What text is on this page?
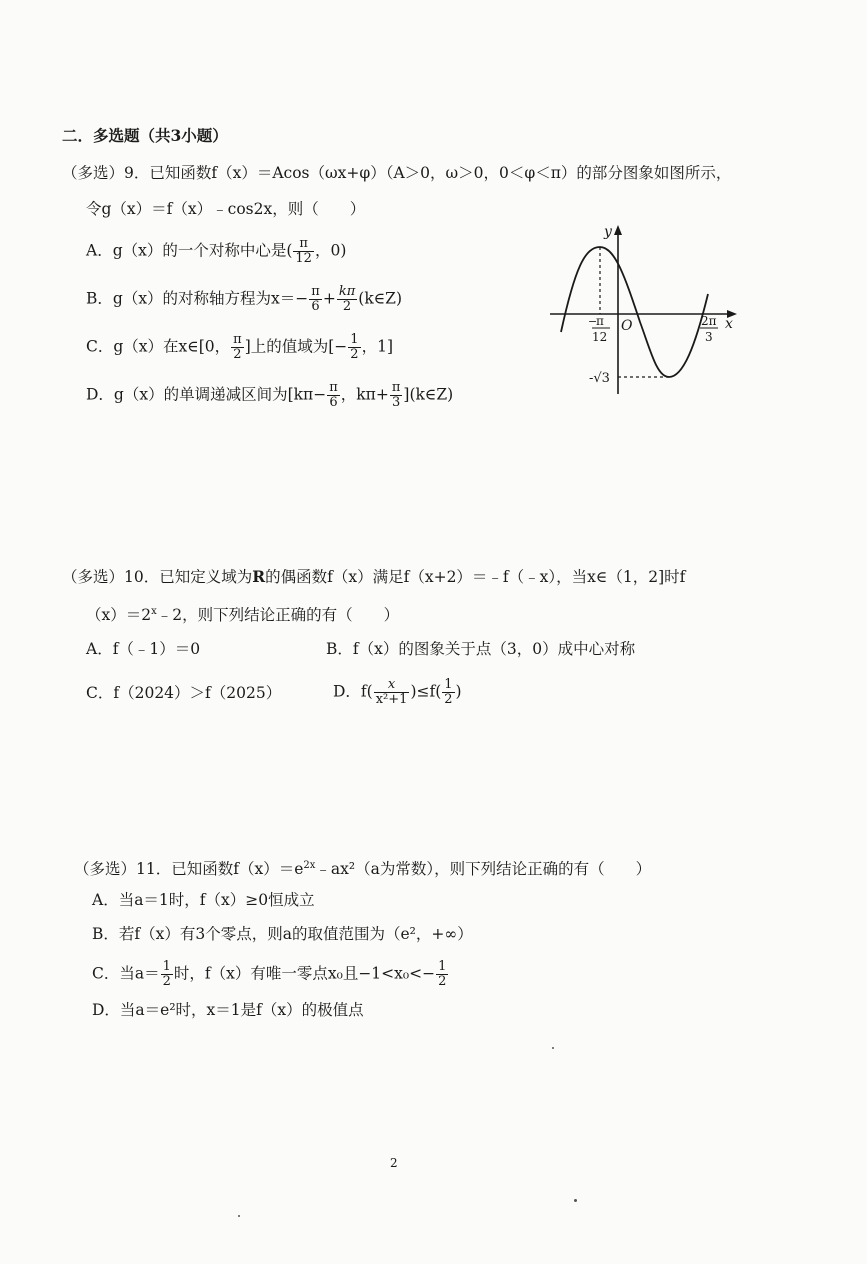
二．多选题（共3小题）
（多选）9．已知函数f（x）＝Acos（ωx+φ）（A＞0，ω＞0，0＜φ＜π）的部分图象如图所示，
令g（x）＝f（x）﹣cos2x，则（　　）
A．g（x）的一个对称中心是( $\frac{\pi}{12}$ ，0)
B．g（x）的对称轴方程为$x=- \frac{\pi}{6} + \frac{k\pi}{2}$ (k∈Z)
C．g（x）在x∈[0， $\frac{\pi}{2}$ ]上的值域为[− $\frac{1}{2}$ ，1]
D．g（x）的单调递减区间为[$k\pi- \frac{\pi}{6}$ ，$k\pi+ \frac{\pi}{3}$ ](k∈Z)
y
x
O
−
π
12
2π
3
-√3
（多选）10．已知定义域为R的偶函数f（x）满足f（x+2）＝﹣f（﹣x），当x∈（1，2]时f
$(x)=2^x﹣2$，则下列结论正确的有（　　）
A．f（﹣1）＝0	B．f（x）的图象关于点（3，0）成中心对称
C．f（2024）＞f（2025）	D．$f( \frac{x}{\text{x²+1}} )\le f( \frac{1}{2}$ )
（多选）11．已知函数$f(x)=e^{2x}﹣ax^2(a$为常数），则下列结论正确的有（　　）
A．当a＝1时，f（x）≥0恒成立
B．若f（x）有3个零点，则a的取值范围为（e²，+∞）
C．当$a= \frac{1}{2}$ 时，f（x）有唯一零点x₀且$-1<x_0<- \frac{1}{2}$
D．当a＝e²时，x＝1是f（x）的极值点
2
